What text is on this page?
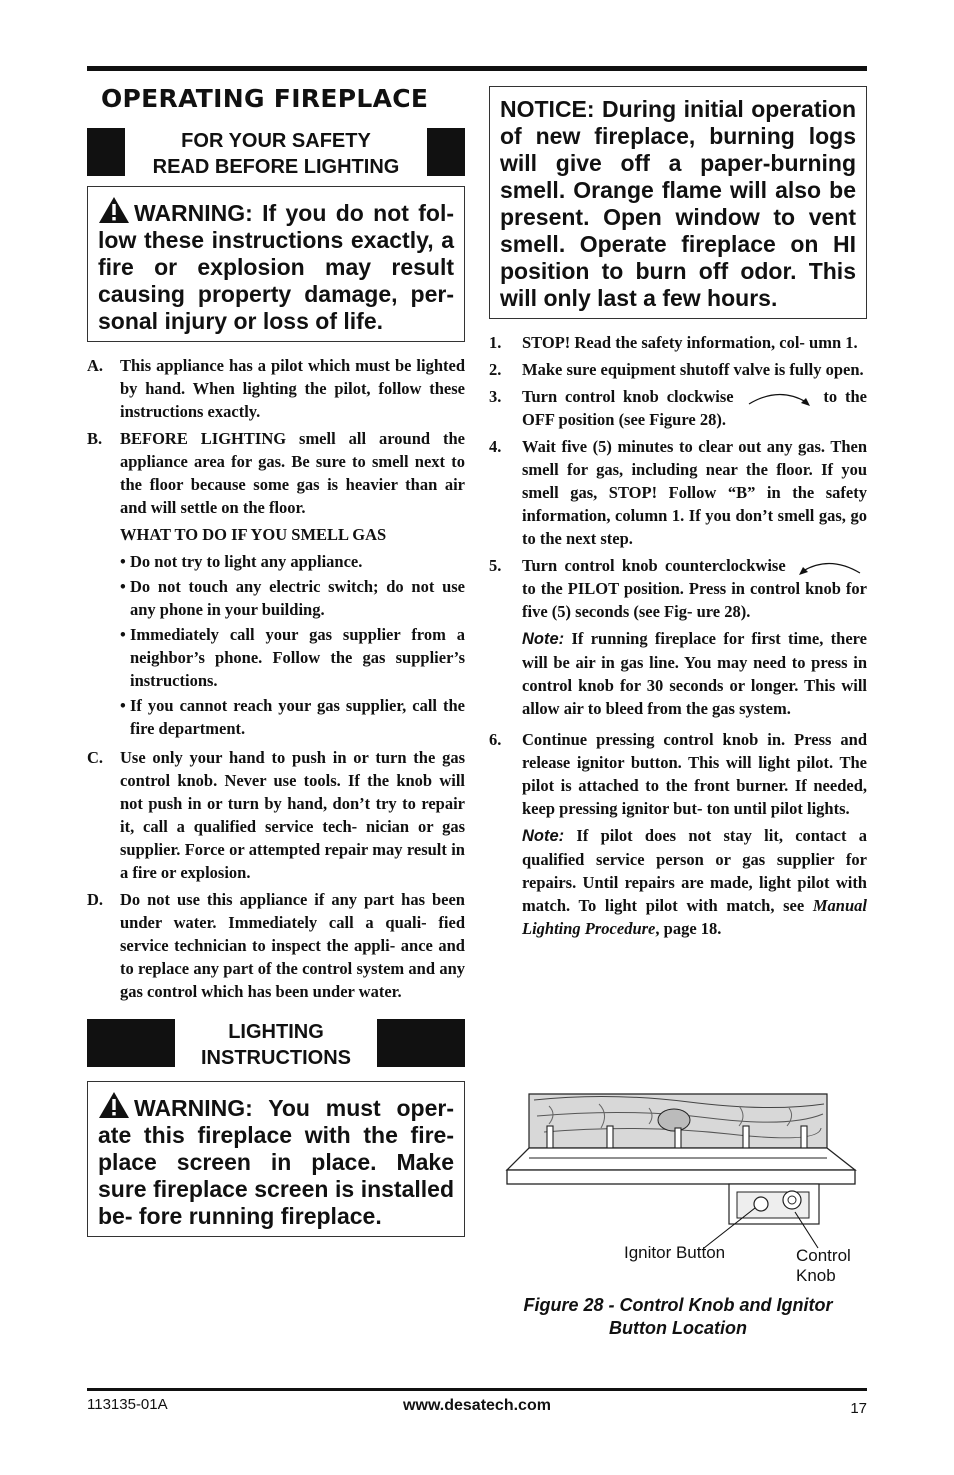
OPERATING FIREPLACE
FOR YOUR SAFETY
READ BEFORE LIGHTING
WARNING: If you do not fol- low these instructions exactly, a fire or explosion may result causing property damage, per- sonal injury or loss of life.
A.	This appliance has a pilot which must be lighted by hand. When lighting the pilot, follow these instructions exactly.
B.	BEFORE LIGHTING smell all around the appliance area for gas. Be sure to smell next to the floor because some gas is heavier than air and will settle on the floor.

WHAT TO DO IF YOU SMELL GAS

• Do not try to light any appliance.
• Do not touch any electric switch; do not use any phone in your building.
• Immediately call your gas supplier from a neighbor’s phone. Follow the gas supplier’s instructions.
• If you cannot reach your gas supplier, call the fire department.
C.	Use only your hand to push in or turn the gas control knob. Never use tools. If the knob will not push in or turn by hand, don’t try to repair it, call a qualified service tech- nician or gas supplier. Force or attempted repair may result in a fire or explosion.
D.	Do not use this appliance if any part has been under water. Immediately call a quali- fied service technician to inspect the appli- ance and to replace any part of the control system and any gas control which has been under water.
LIGHTING
INSTRUCTIONS
WARNING: You must oper- ate this fireplace with the fire- place screen in place. Make sure fireplace screen is installed be- fore running fireplace.
NOTICE: During initial operation of new fireplace, burning logs will give off a paper-burning smell. Orange flame will also be present. Open window to vent smell. Operate fireplace on HI position to burn off odor. This will only last a few hours.
1.	STOP! Read the safety information, col- umn 1.
2.	Make sure equipment shutoff valve is fully open.
3.	Turn control knob clockwise	to the OFF position (see Figure 28).
4.	Wait five (5) minutes to clear out any gas. Then smell for gas, including near the floor. If you smell gas, STOP! Follow “B” in the safety information, column 1. If you don’t smell gas, go to the next step.
5.	Turn control knob counterclockwise  to the PILOT position. Press in control knob for five (5) seconds (see Fig- ure 28).

Note: If running fireplace for first time, there will be air in gas line. You may need to press in control knob for 30 seconds or longer. This will allow air to bleed from the gas system.

6.	Continue pressing control knob in. Press and release ignitor button. This will light pilot. The pilot is attached to the front burner. If needed, keep pressing ignitor but- ton until pilot lights.

Note: If pilot does not stay lit, contact a qualified service person or gas supplier for repairs. Until repairs are made, light pilot with match. To light pilot with match, see Manual Lighting Procedure, page 18.

Ignitor Button	Control
Knob
Figure 28 - Control Knob and Ignitor
Button Location
113135-01A	www.desatech.com	17
